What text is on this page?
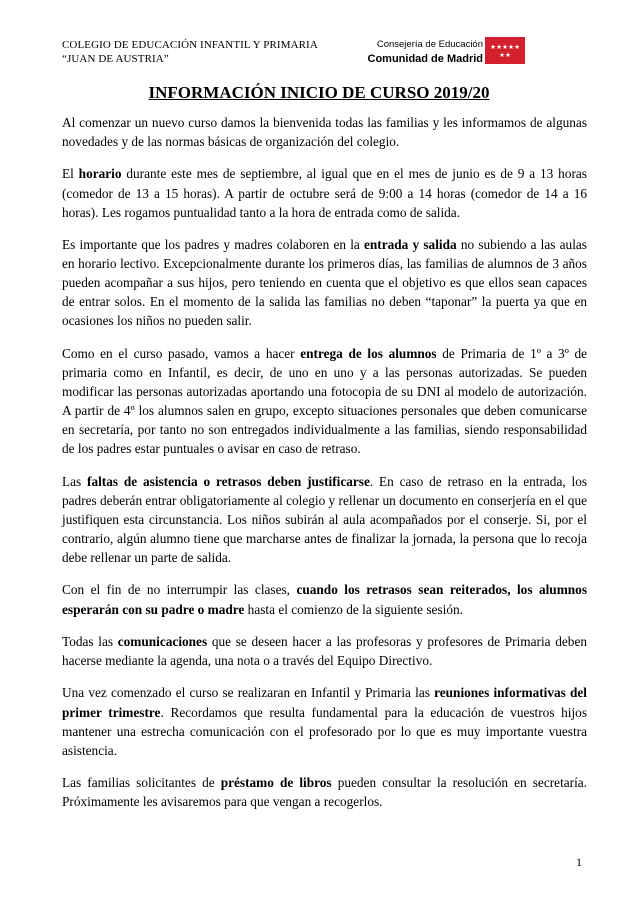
COLEGIO DE EDUCACIÓN INFANTIL Y PRIMARIA
“JUAN DE AUSTRIA”
Consejería de Educación
Comunidad de Madrid
★ ★ ★ ★ ★
★ ★
INFORMACIÓN INICIO DE CURSO 2019/20

Al comenzar un nuevo curso damos la bienvenida todas las familias y les informamos de algunas novedades y de las normas básicas de organización del colegio.

El horario durante este mes de septiembre, al igual que en el mes de junio es de 9 a 13 horas (comedor de 13 a 15 horas). A partir de octubre será de 9:00 a 14 horas (comedor de 14 a 16 horas). Les rogamos puntualidad tanto a la hora de entrada como de salida.

Es importante que los padres y madres colaboren en la entrada y salida no subiendo a las aulas en horario lectivo. Excepcionalmente durante los primeros días, las familias de alumnos de 3 años pueden acompañar a sus hijos, pero teniendo en cuenta que el objetivo es que ellos sean capaces de entrar solos. En el momento de la salida las familias no deben “taponar” la puerta ya que en ocasiones los niños no pueden salir.

Como en el curso pasado, vamos a hacer entrega de los alumnos de Primaria de 1º a 3º de primaria como en Infantil, es decir, de uno en uno y a las personas autorizadas. Se pueden modificar las personas autorizadas aportando una fotocopia de su DNI al modelo de autorización. A partir de 4º los alumnos salen en grupo, excepto situaciones personales que deben comunicarse en secretaría, por tanto no son entregados individualmente a las familias, siendo responsabilidad de los padres estar puntuales o avisar en caso de retraso.

Las faltas de asistencia o retrasos deben justificarse. En caso de retraso en la entrada, los padres deberán entrar obligatoriamente al colegio y rellenar un documento en conserjería en el que justifiquen esta circunstancia. Los niños subirán al aula acompañados por el conserje. Si, por el contrario, algún alumno tiene que marcharse antes de finalizar la jornada, la persona que lo recoja debe rellenar un parte de salida.

Con el fin de no interrumpir las clases, cuando los retrasos sean reiterados, los alumnos esperarán con su padre o madre hasta el comienzo de la siguiente sesión.

Todas las comunicaciones que se deseen hacer a las profesoras y profesores de Primaria deben hacerse mediante la agenda, una nota o a través del Equipo Directivo.

Una vez comenzado el curso se realizaran en Infantil y Primaria las reuniones informativas del primer trimestre. Recordamos que resulta fundamental para la educación de vuestros hijos mantener una estrecha comunicación con el profesorado por lo que es muy importante vuestra asistencia.

Las familias solicitantes de préstamo de libros pueden consultar la resolución en secretaría. Próximamente les avisaremos para que vengan a recogerlos.

1
